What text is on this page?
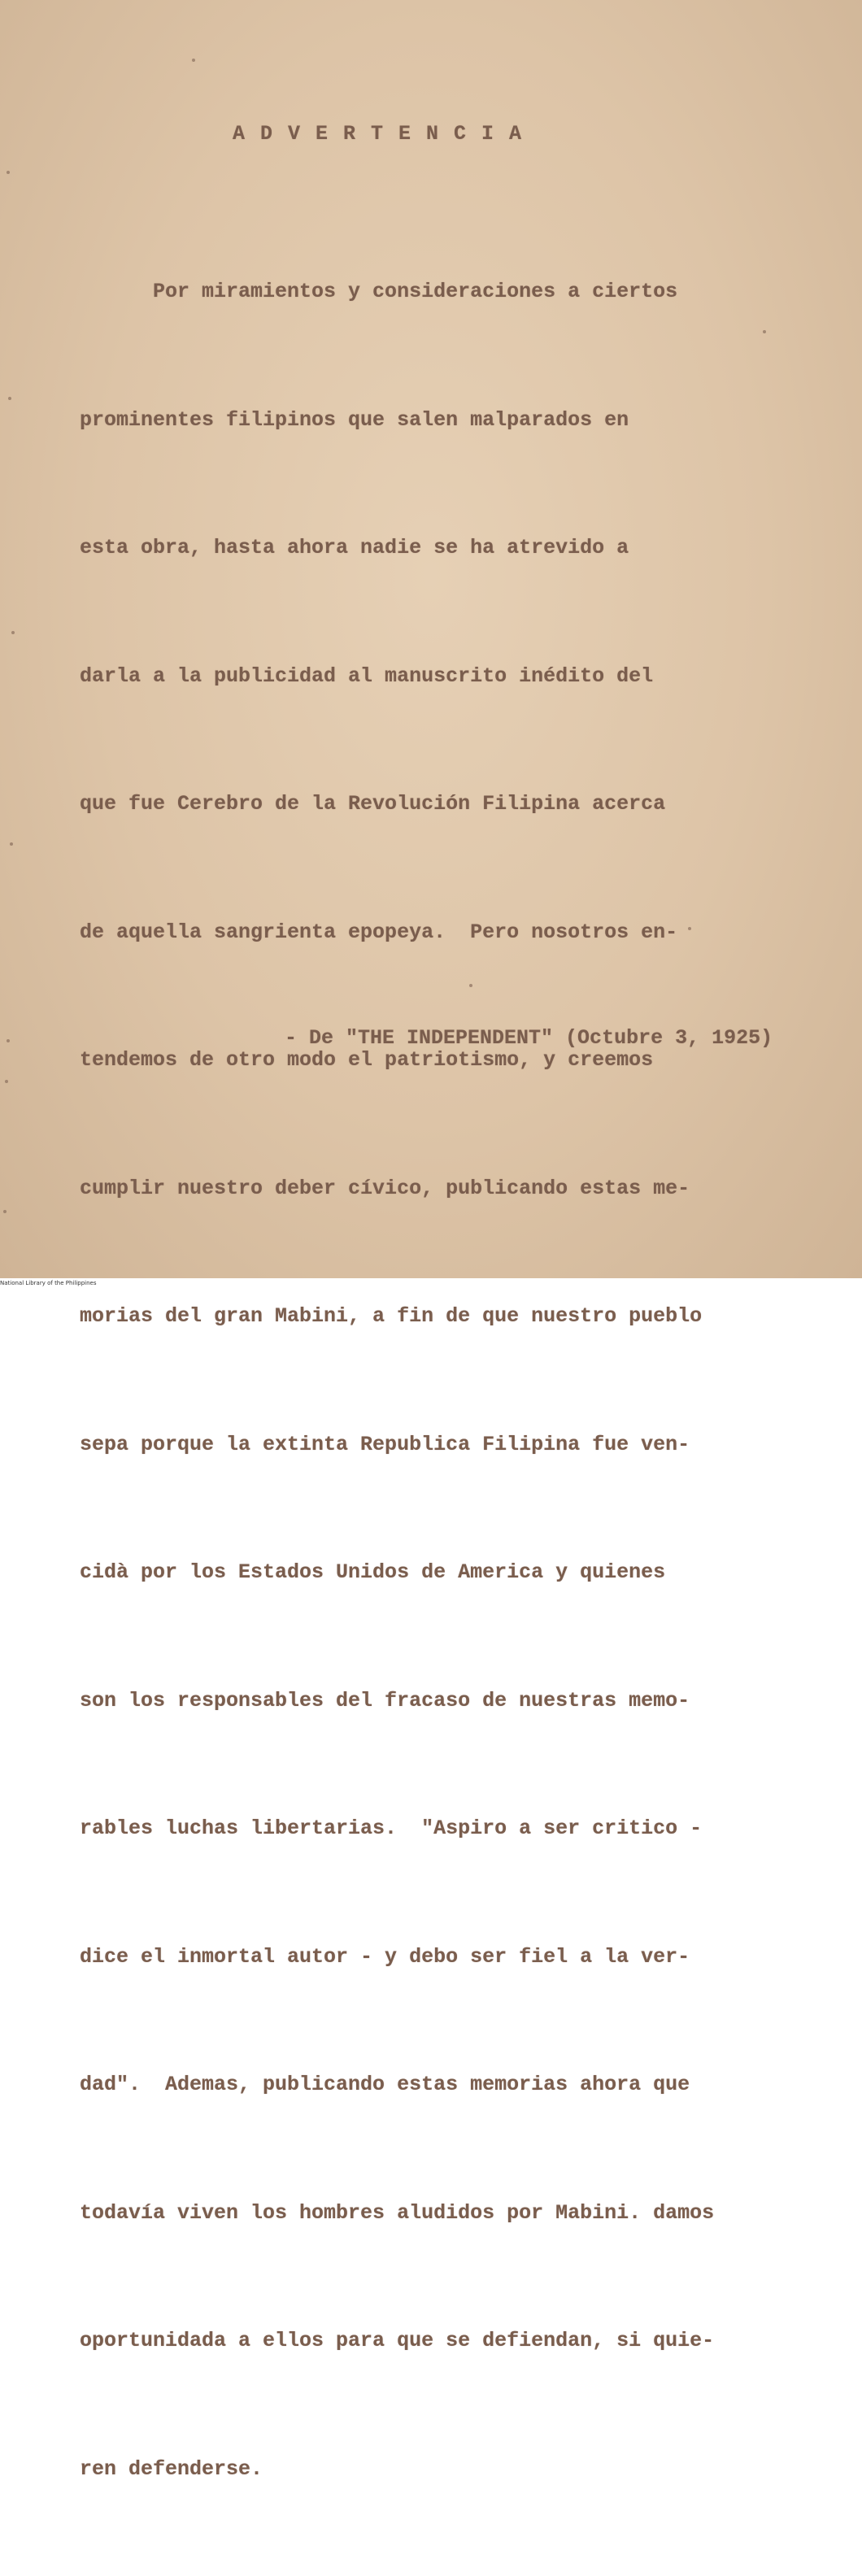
A D V E R T E N C I A

Por miramientos y consideraciones a ciertos

prominentes filipinos que salen malparados en

esta obra, hasta ahora nadie se ha atrevido a

darla a la publicidad al manuscrito inédito del

que fue Cerebro de la Revolución Filipina acerca

de aquella sangrienta epopeya.  Pero nosotros en-

tendemos de otro modo el patriotismo, y creemos

cumplir nuestro deber cívico, publicando estas me-

morias del gran Mabini, a fin de que nuestro pueblo

sepa porque la extinta Republica Filipina fue ven-

cidà por los Estados Unidos de America y quienes

son los responsables del fracaso de nuestras memo-

rables luchas libertarias.  "Aspiro a ser critico -

dice el inmortal autor - y debo ser fiel a la ver-

dad".  Ademas, publicando estas memorias ahora que

todavía viven los hombres aludidos por Mabini. damos

oportunidada a ellos para que se defiendan, si quie-

ren defenderse.

- De "THE INDEPENDENT" (Octubre 3, 1925)
National Library of the Philippines
